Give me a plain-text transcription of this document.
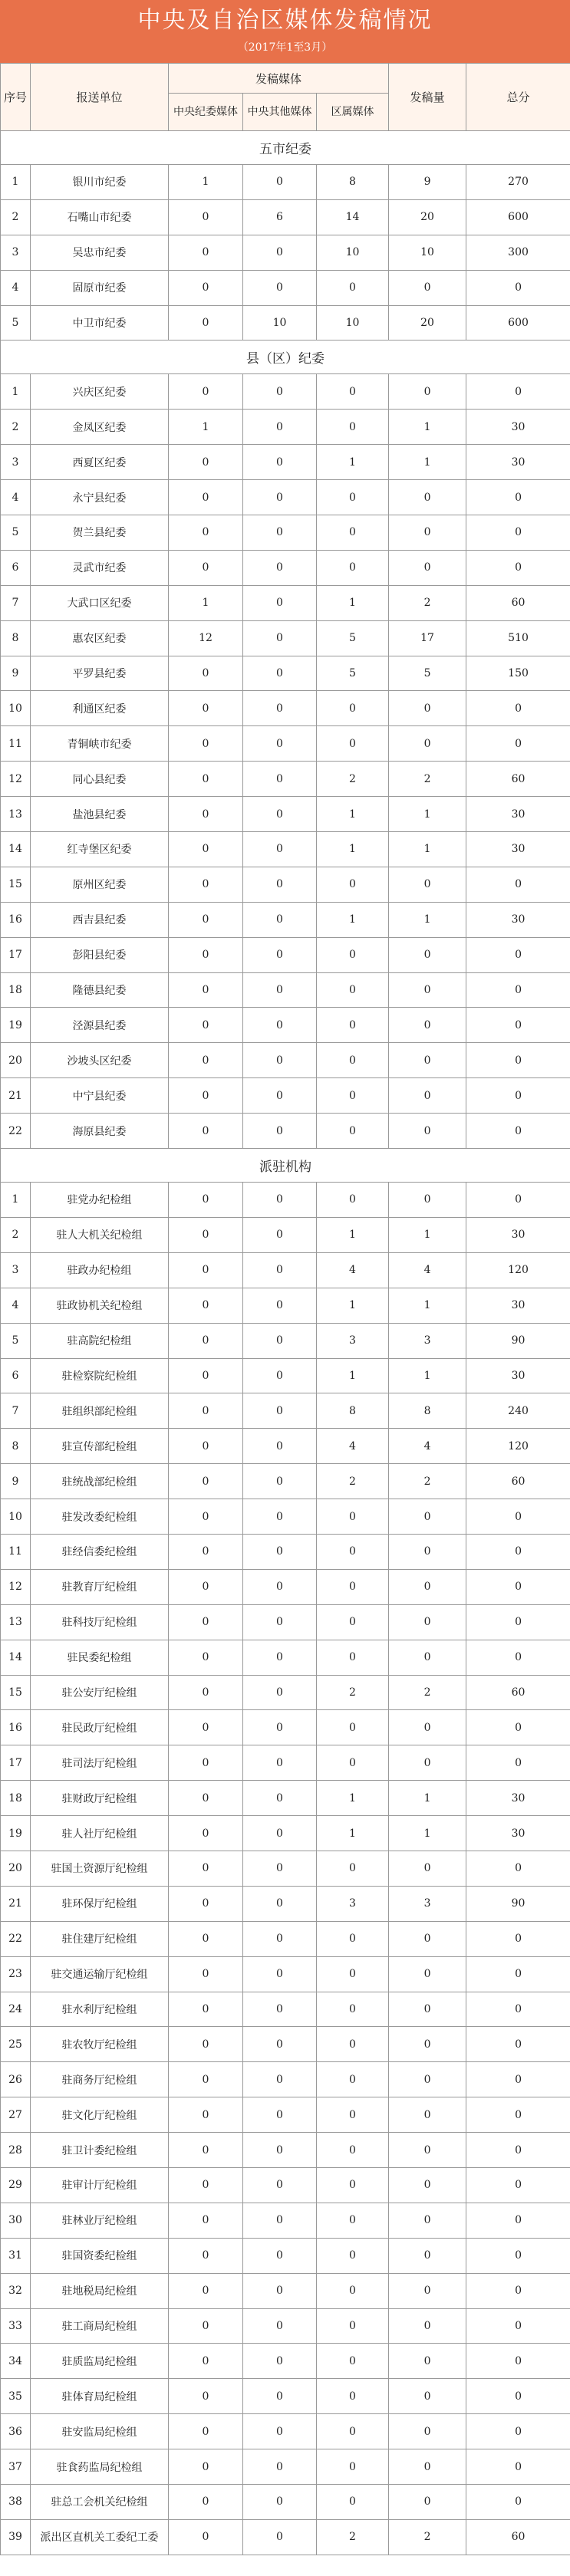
中央及自治区媒体发稿情况
（2017年1至3月）
序号	报送单位	发稿媒体			发稿量	总分
		中央纪委媒体	中央其他媒体	区属媒体		
五市纪委						
1	银川市纪委	1	0	8	9	270
2	石嘴山市纪委	0	6	14	20	600
3	吴忠市纪委	0	0	10	10	300
4	固原市纪委	0	0	0	0	0
5	中卫市纪委	0	10	10	20	600
县（区）纪委						
1	兴庆区纪委	0	0	0	0	0
2	金凤区纪委	1	0	0	1	30
3	西夏区纪委	0	0	1	1	30
4	永宁县纪委	0	0	0	0	0
5	贺兰县纪委	0	0	0	0	0
6	灵武市纪委	0	0	0	0	0
7	大武口区纪委	1	0	1	2	60
8	惠农区纪委	12	0	5	17	510
9	平罗县纪委	0	0	5	5	150
10	利通区纪委	0	0	0	0	0
11	青铜峡市纪委	0	0	0	0	0
12	同心县纪委	0	0	2	2	60
13	盐池县纪委	0	0	1	1	30
14	红寺堡区纪委	0	0	1	1	30
15	原州区纪委	0	0	0	0	0
16	西吉县纪委	0	0	1	1	30
17	彭阳县纪委	0	0	0	0	0
18	隆德县纪委	0	0	0	0	0
19	泾源县纪委	0	0	0	0	0
20	沙坡头区纪委	0	0	0	0	0
21	中宁县纪委	0	0	0	0	0
22	海原县纪委	0	0	0	0	0
派驻机构						
1	驻党办纪检组	0	0	0	0	0
2	驻人大机关纪检组	0	0	1	1	30
3	驻政办纪检组	0	0	4	4	120
4	驻政协机关纪检组	0	0	1	1	30
5	驻高院纪检组	0	0	3	3	90
6	驻检察院纪检组	0	0	1	1	30
7	驻组织部纪检组	0	0	8	8	240
8	驻宣传部纪检组	0	0	4	4	120
9	驻统战部纪检组	0	0	2	2	60
10	驻发改委纪检组	0	0	0	0	0
11	驻经信委纪检组	0	0	0	0	0
12	驻教育厅纪检组	0	0	0	0	0
13	驻科技厅纪检组	0	0	0	0	0
14	驻民委纪检组	0	0	0	0	0
15	驻公安厅纪检组	0	0	2	2	60
16	驻民政厅纪检组	0	0	0	0	0
17	驻司法厅纪检组	0	0	0	0	0
18	驻财政厅纪检组	0	0	1	1	30
19	驻人社厅纪检组	0	0	1	1	30
20	驻国土资源厅纪检组	0	0	0	0	0
21	驻环保厅纪检组	0	0	3	3	90
22	驻住建厅纪检组	0	0	0	0	0
23	驻交通运输厅纪检组	0	0	0	0	0
24	驻水利厅纪检组	0	0	0	0	0
25	驻农牧厅纪检组	0	0	0	0	0
26	驻商务厅纪检组	0	0	0	0	0
27	驻文化厅纪检组	0	0	0	0	0
28	驻卫计委纪检组	0	0	0	0	0
29	驻审计厅纪检组	0	0	0	0	0
30	驻林业厅纪检组	0	0	0	0	0
31	驻国资委纪检组	0	0	0	0	0
32	驻地税局纪检组	0	0	0	0	0
33	驻工商局纪检组	0	0	0	0	0
34	驻质监局纪检组	0	0	0	0	0
35	驻体育局纪检组	0	0	0	0	0
36	驻安监局纪检组	0	0	0	0	0
37	驻食药监局纪检组	0	0	0	0	0
38	驻总工会机关纪检组	0	0	0	0	0
39	派出区直机关工委纪工委	0	0	2	2	60
